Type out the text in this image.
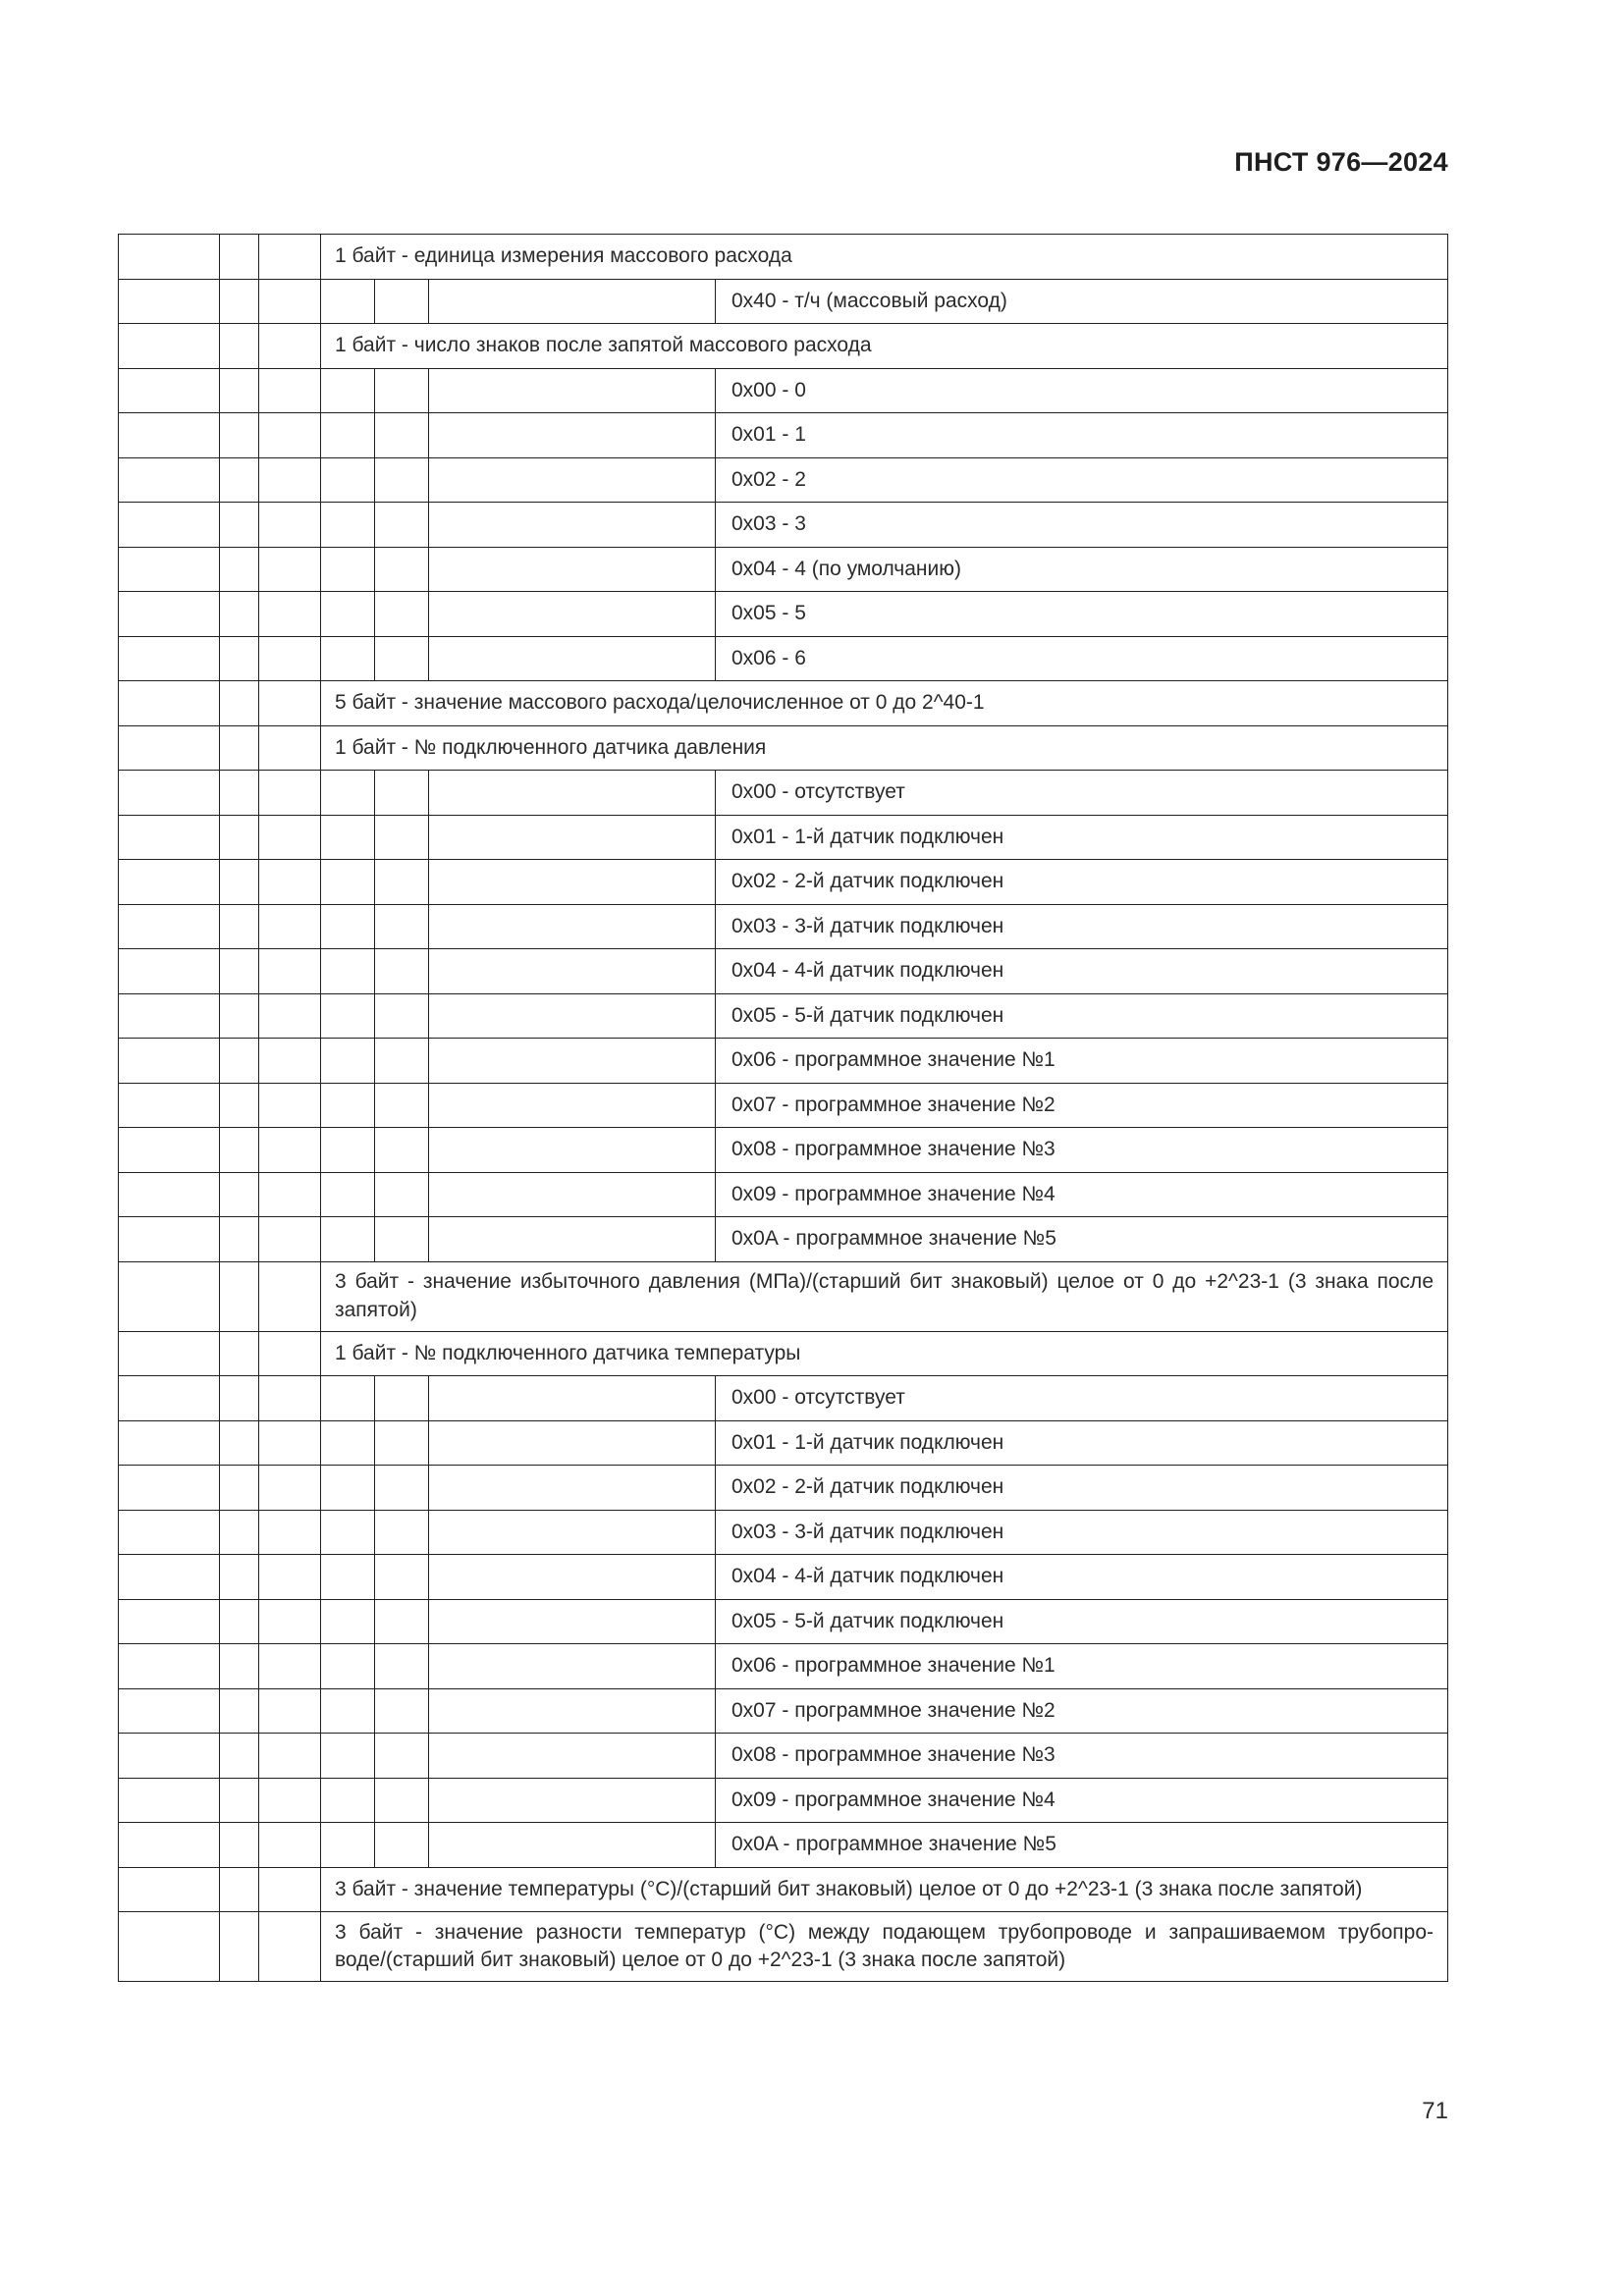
ПНСТ 976—2024
			1 байт - единица измерения массового расхода			
						0x40 - т/ч (массовый расход)
			1 байт - число знаков после запятой массового расхода			
						0x00 - 0
						0x01 - 1
						0x02 - 2
						0x03 - 3
						0x04 - 4 (по умолчанию)
						0x05 - 5
						0x06 - 6
			5 байт - значение массового расхода/целочисленное от 0 до 2^40-1			
			1 байт - № подключенного датчика давления			
						0x00 - отсутствует
						0x01 - 1-й датчик подключен
						0x02 - 2-й датчик подключен
						0x03 - 3-й датчик подключен
						0x04 - 4-й датчик подключен
						0x05 - 5-й датчик подключен
						0x06 - программное значение №1
						0x07 - программное значение №2
						0x08 - программное значение №3
						0x09 - программное значение №4
						0x0A - программное значение №5
			3 байт - значение избыточного давления (МПа)/(старший бит знаковый) целое от 0 до +2^23-1 (3 знака после запятой)			
			1 байт - № подключенного датчика температуры			
						0x00 - отсутствует
						0x01 - 1-й датчик подключен
						0x02 - 2-й датчик подключен
						0x03 - 3-й датчик подключен
						0x04 - 4-й датчик подключен
						0x05 - 5-й датчик подключен
						0x06 - программное значение №1
						0x07 - программное значение №2
						0x08 - программное значение №3
						0x09 - программное значение №4
						0x0A - программное значение №5
			3 байт - значение температуры (°C)/(старший бит знаковый) целое от 0 до +2^23-1 (3 знака после запятой)			
			3 байт - значение разности температур (°C) между подающем трубопроводе и запрашиваемом трубопро- воде/(старший бит знаковый) целое от 0 до +2^23-1 (3 знака после запятой)			
71
